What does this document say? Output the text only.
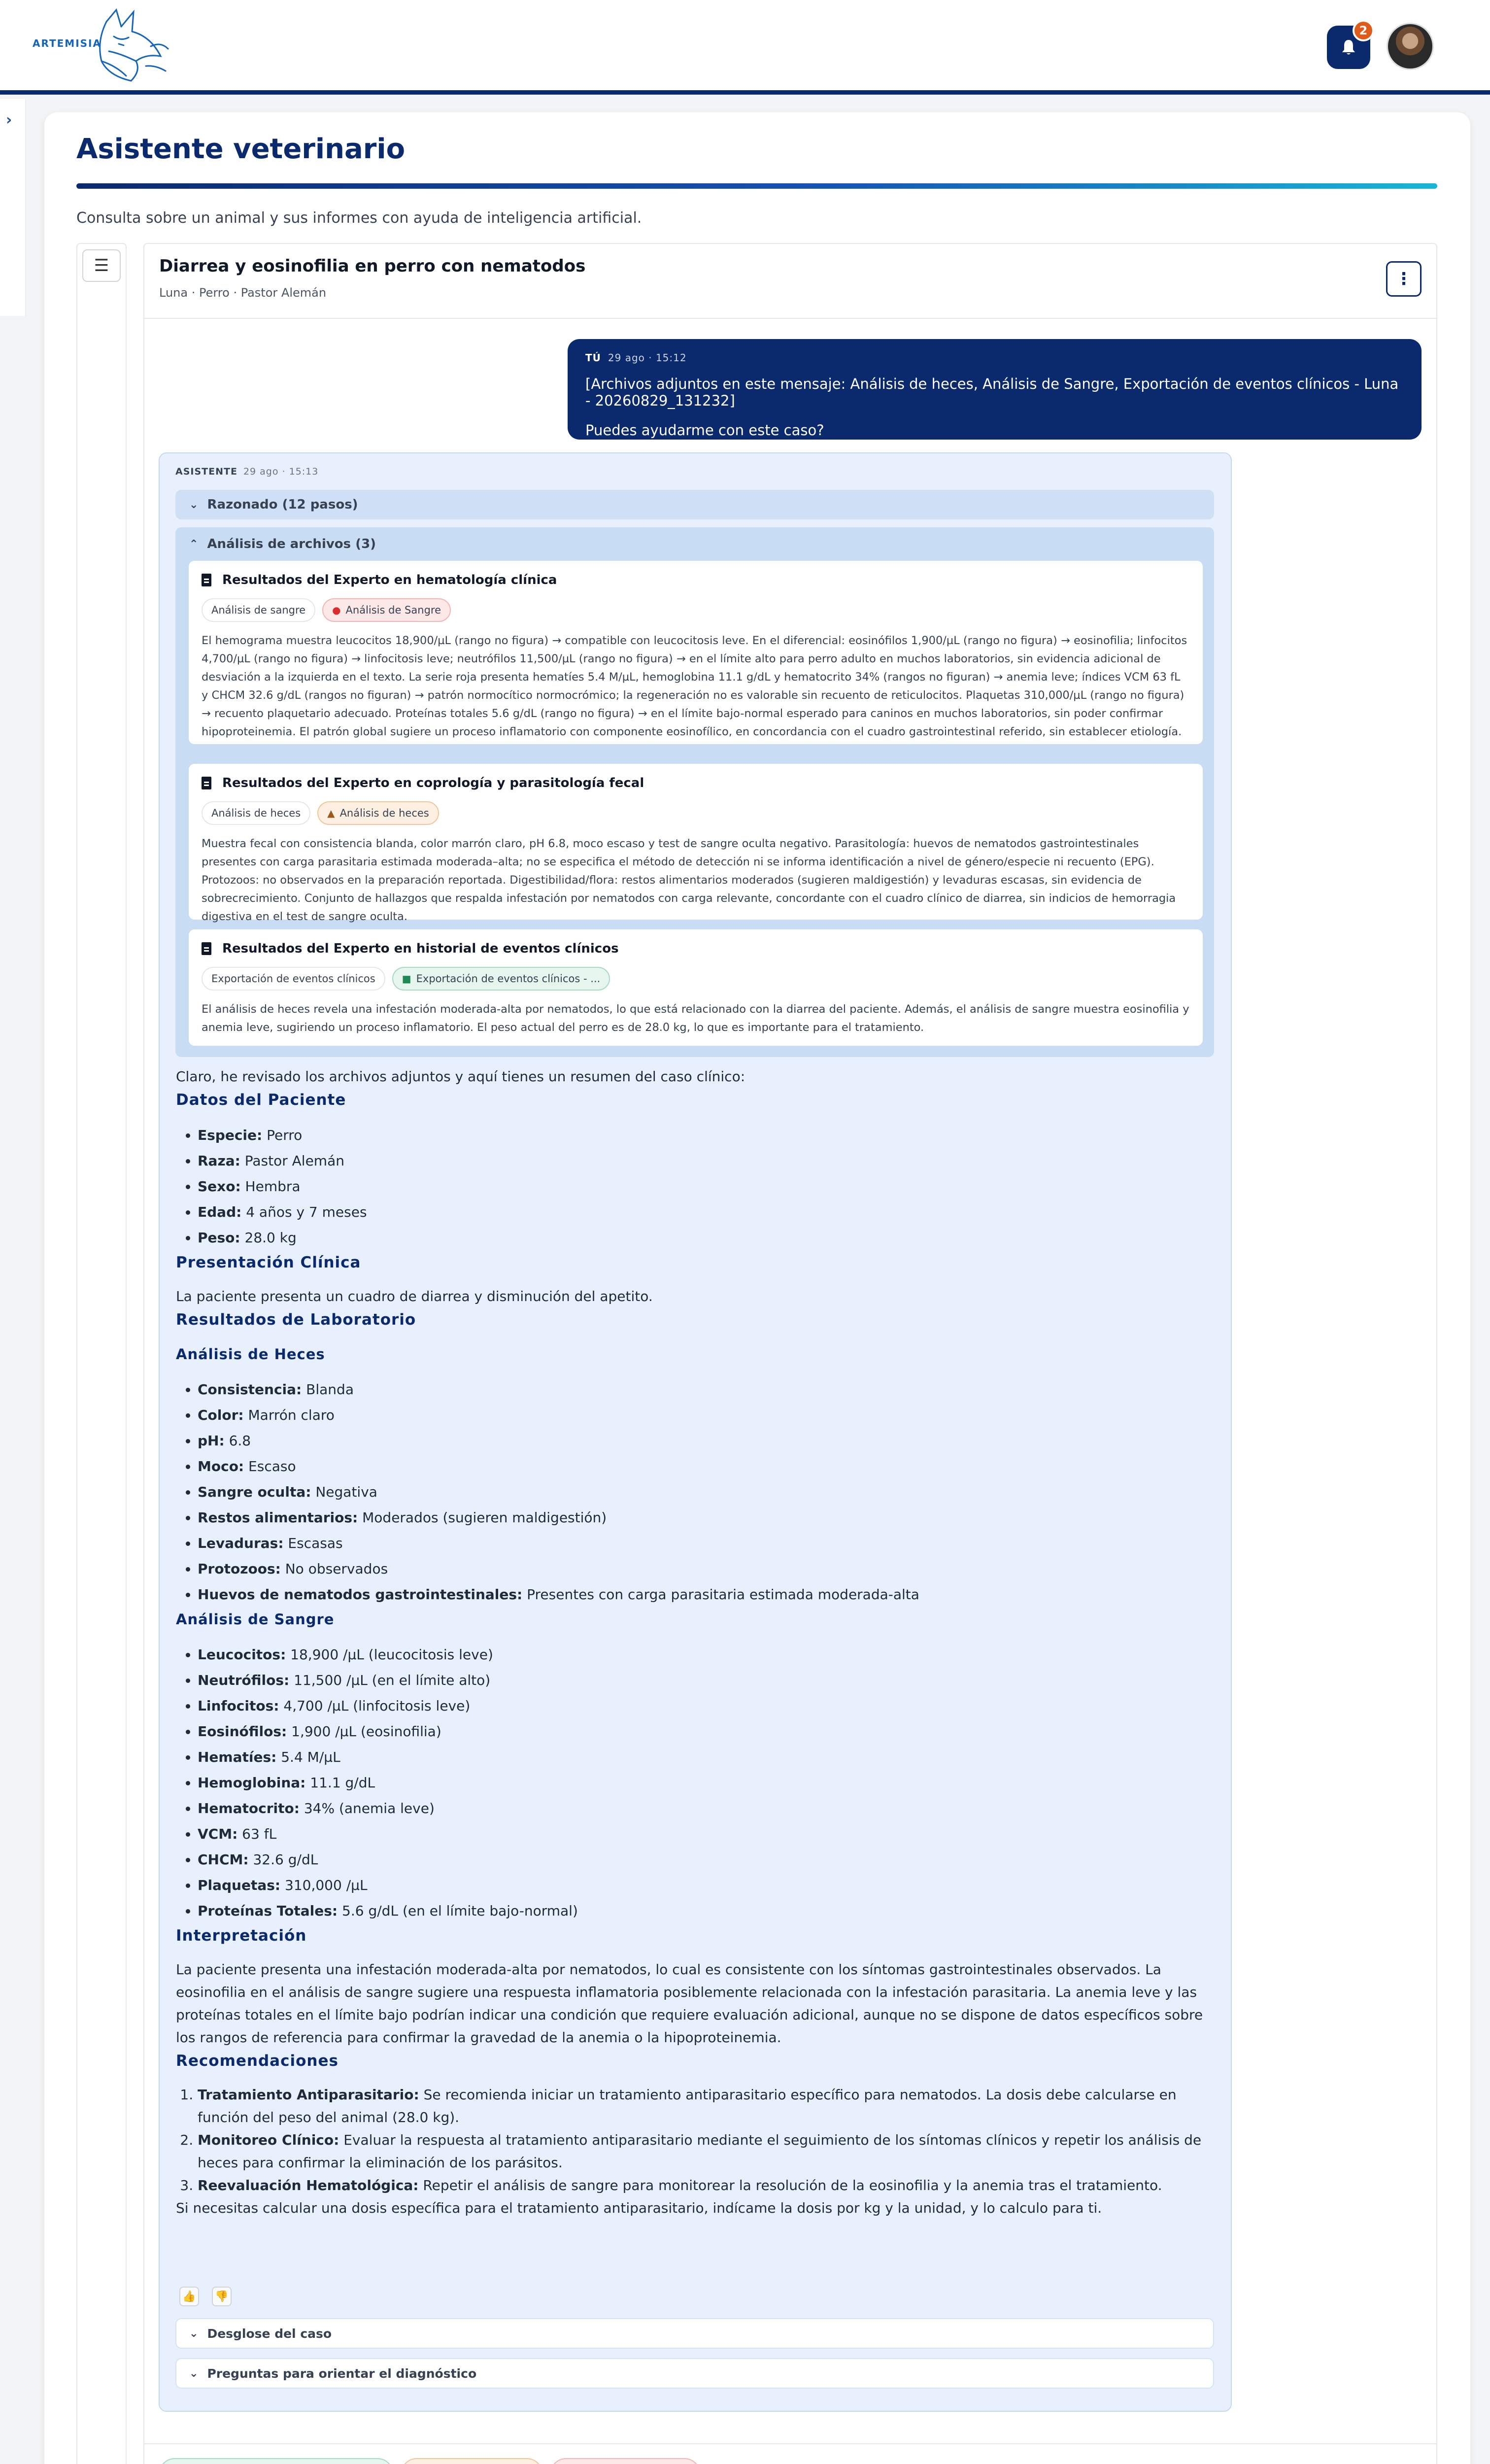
ARTEMISIA
2
›
Asistente veterinario

Consulta sobre un animal y sus informes con ayuda de inteligencia artificial.

☰	Diarrea y eosinofilia en perro con nematodos
Luna · Perro · Pastor Alemán
⋮
TÚ 29 ago · 15:12
[Archivos adjuntos en este mensaje: Análisis de heces, Análisis de Sangre, Exportación de eventos clínicos - Luna - 20260829_131232]
Puedes ayudarme con este caso?
ASISTENTE 29 ago · 15:13
⌄ Razonado (12 pasos)
⌃ Análisis de archivos (3)
Resultados del Experto en hematología clínica
Análisis de sangre	● Análisis de Sangre
El hemograma muestra leucocitos 18,900/µL (rango no figura) → compatible con leucocitosis leve. En el diferencial: eosinófilos 1,900/µL (rango no figura) → eosinofilia; linfocitos 4,700/µL (rango no figura) → linfocitosis leve; neutrófilos 11,500/µL (rango no figura) → en el límite alto para perro adulto en muchos laboratorios, sin evidencia adicional de desviación a la izquierda en el texto. La serie roja presenta hematíes 5.4 M/µL, hemoglobina 11.1 g/dL y hematocrito 34% (rangos no figuran) → anemia leve; índices VCM 63 fL y CHCM 32.6 g/dL (rangos no figuran) → patrón normocítico normocrómico; la regeneración no es valorable sin recuento de reticulocitos. Plaquetas 310,000/µL (rango no figura) → recuento plaquetario adecuado. Proteínas totales 5.6 g/dL (rango no figura) → en el límite bajo-normal esperado para caninos en muchos laboratorios, sin poder confirmar hipoproteinemia. El patrón global sugiere un proceso inflamatorio con componente eosinofílico, en concordancia con el cuadro gastrointestinal referido, sin establecer etiología.
Resultados del Experto en coprología y parasitología fecal
Análisis de heces	▲ Análisis de heces
Muestra fecal con consistencia blanda, color marrón claro, pH 6.8, moco escaso y test de sangre oculta negativo. Parasitología: huevos de nematodos gastrointestinales presentes con carga parasitaria estimada moderada–alta; no se especifica el método de detección ni se informa identificación a nivel de género/especie ni recuento (EPG). Protozoos: no observados en la preparación reportada. Digestibilidad/flora: restos alimentarios moderados (sugieren maldigestión) y levaduras escasas, sin evidencia de sobrecrecimiento. Conjunto de hallazgos que respalda infestación por nematodos con carga relevante, concordante con el cuadro clínico de diarrea, sin indicios de hemorragia digestiva en el test de sangre oculta.
Resultados del Experto en historial de eventos clínicos
Exportación de eventos clínicos	■ Exportación de eventos clínicos - ...
El análisis de heces revela una infestación moderada-alta por nematodos, lo que está relacionado con la diarrea del paciente. Además, el análisis de sangre muestra eosinofilia y anemia leve, sugiriendo un proceso inflamatorio. El peso actual del perro es de 28.0 kg, lo que es importante para el tratamiento.

Claro, he revisado los archivos adjuntos y aquí tienes un resumen del caso clínico:

Datos del Paciente
• Especie: Perro
• Raza: Pastor Alemán
• Sexo: Hembra
• Edad: 4 años y 7 meses
• Peso: 28.0 kg
Presentación Clínica

La paciente presenta un cuadro de diarrea y disminución del apetito.

Resultados de Laboratorio
Análisis de Heces
• Consistencia: Blanda
• Color: Marrón claro
• pH: 6.8
• Moco: Escaso
• Sangre oculta: Negativa
• Restos alimentarios: Moderados (sugieren maldigestión)
• Levaduras: Escasas
• Protozoos: No observados
• Huevos de nematodos gastrointestinales: Presentes con carga parasitaria estimada moderada-alta
Análisis de Sangre
• Leucocitos: 18,900 /µL (leucocitosis leve)
• Neutrófilos: 11,500 /µL (en el límite alto)
• Linfocitos: 4,700 /µL (linfocitosis leve)
• Eosinófilos: 1,900 /µL (eosinofilia)
• Hematíes: 5.4 M/µL
• Hemoglobina: 11.1 g/dL
• Hematocrito: 34% (anemia leve)
• VCM: 63 fL
• CHCM: 32.6 g/dL
• Plaquetas: 310,000 /µL
• Proteínas Totales: 5.6 g/dL (en el límite bajo-normal)
Interpretación

La paciente presenta una infestación moderada-alta por nematodos, lo cual es consistente con los síntomas gastrointestinales observados. La eosinofilia en el análisis de sangre sugiere una respuesta inflamatoria posiblemente relacionada con la infestación parasitaria. La anemia leve y las proteínas totales en el límite bajo podrían indicar una condición que requiere evaluación adicional, aunque no se dispone de datos específicos sobre los rangos de referencia para confirmar la gravedad de la anemia o la hipoproteinemia.

Recomendaciones
1. Tratamiento Antiparasitario: Se recomienda iniciar un tratamiento antiparasitario específico para nematodos. La dosis debe calcularse en función del peso del animal (28.0 kg).
2. Monitoreo Clínico: Evaluar la respuesta al tratamiento antiparasitario mediante el seguimiento de los síntomas clínicos y repetir los análisis de heces para confirmar la eliminación de los parásitos.
3. Reevaluación Hematológica: Repetir el análisis de sangre para monitorear la resolución de la eosinofilia y la anemia tras el tratamiento.

Si necesitas calcular una dosis específica para el tratamiento antiparasitario, indícame la dosis por kg y la unidad, y lo calculo para ti.

👍 👎
⌄ Desglose del caso
⌄ Preguntas para orientar el diagnóstico
